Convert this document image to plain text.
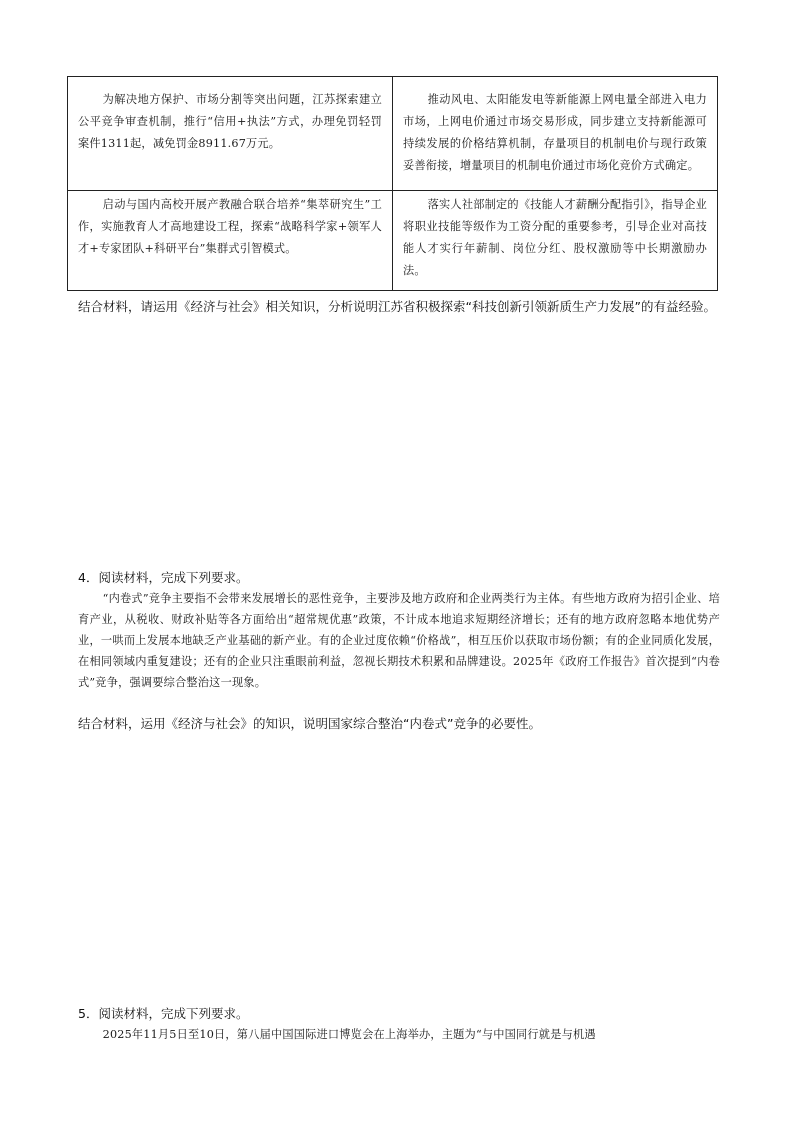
为解决地方保护、市场分割等突出问题，江苏探索建立公平竞争审查机制，推行“信用+执法”方式，办理免罚轻罚案件1311起，减免罚金8911.67万元。	推动风电、太阳能发电等新能源上网电量全部进入电力市场，上网电价通过市场交易形成，同步建立支持新能源可持续发展的价格结算机制，存量项目的机制电价与现行政策妥善衔接，增量项目的机制电价通过市场化竞价方式确定。

启动与国内高校开展产教融合联合培养“集萃研究生”工作，实施教育人才高地建设工程，探索“战略科学家+领军人才+专家团队+科研平台”集群式引智模式。	落实人社部制定的《技能人才薪酬分配指引》，指导企业将职业技能等级作为工资分配的重要参考，引导企业对高技能人才实行年薪制、岗位分红、股权激励等中长期激励办法。
结合材料，请运用《经济与社会》相关知识，分析说明江苏省积极探索“科技创新引领新质生产力发展”的有益经验。
4．阅读材料，完成下列要求。
“内卷式”竞争主要指不会带来发展增长的恶性竞争，主要涉及地方政府和企业两类行为主体。有些地方政府为招引企业、培育产业，从税收、财政补贴等各方面给出“超常规优惠”政策，不计成本地追求短期经济增长；还有的地方政府忽略本地优势产业，一哄而上发展本地缺乏产业基础的新产业。有的企业过度依赖“价格战”，相互压价以获取市场份额；有的企业同质化发展，在相同领域内重复建设；还有的企业只注重眼前利益，忽视长期技术积累和品牌建设。2025年《政府工作报告》首次提到“内卷式”竞争，强调要综合整治这一现象。
结合材料，运用《经济与社会》的知识，说明国家综合整治“内卷式”竞争的必要性。
5．阅读材料，完成下列要求。
2025年11月5日至10日，第八届中国国际进口博览会在上海举办，主题为“与中国同行就是与机遇
